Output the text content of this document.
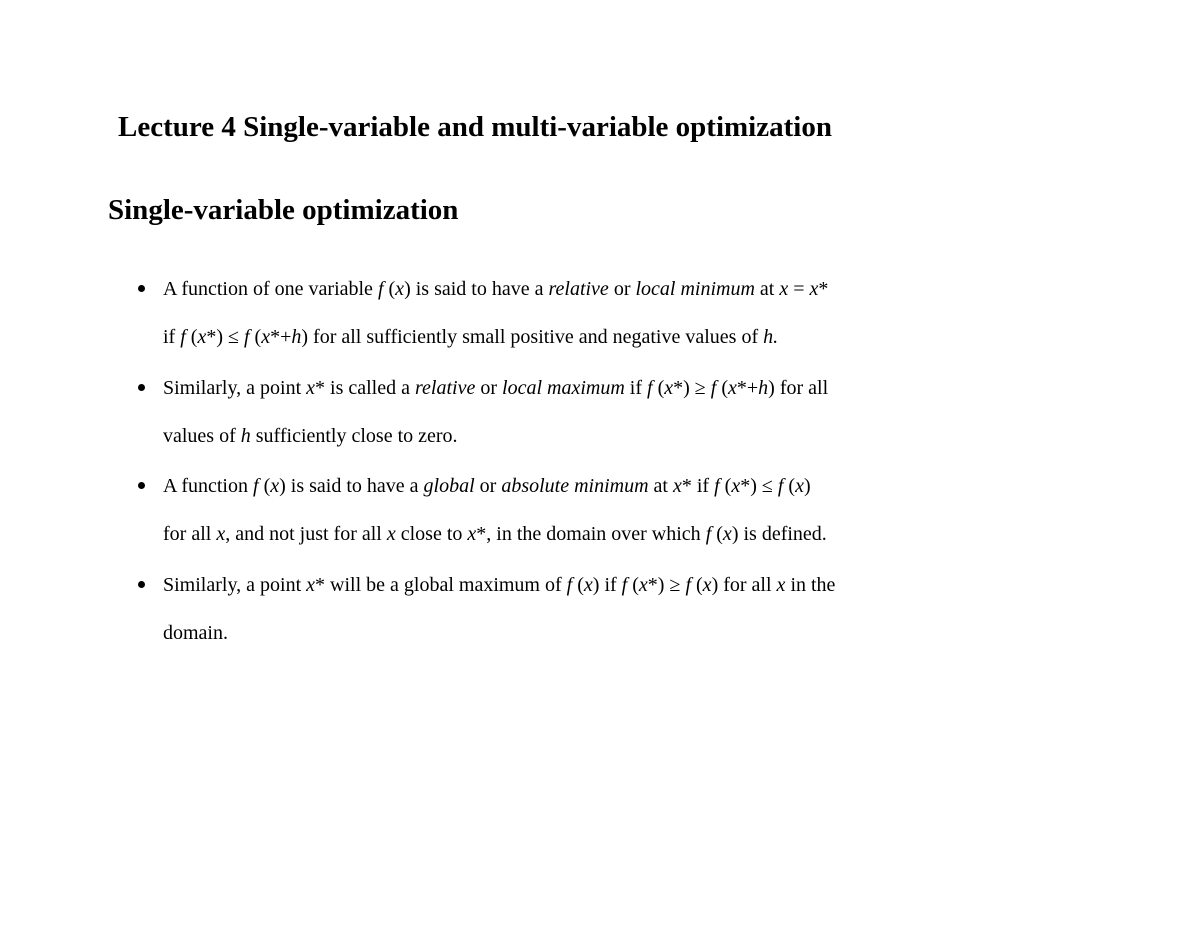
Lecture 4 Single-variable and multi-variable optimization
Single-variable optimization
A function of one variable f (x) is said to have a relative or local minimum at x = x*
if f (x*) ≤ f (x*+h) for all sufficiently small positive and negative values of h.
Similarly, a point x* is called a relative or local maximum if f (x*) ≥ f (x*+h) for all
values of h sufficiently close to zero.
A function f (x) is said to have a global or absolute minimum at x* if f (x*) ≤ f (x)
for all x, and not just for all x close to x*, in the domain over which f (x) is defined.
Similarly, a point x* will be a global maximum of f (x) if f (x*) ≥ f (x) for all x in the
domain.
